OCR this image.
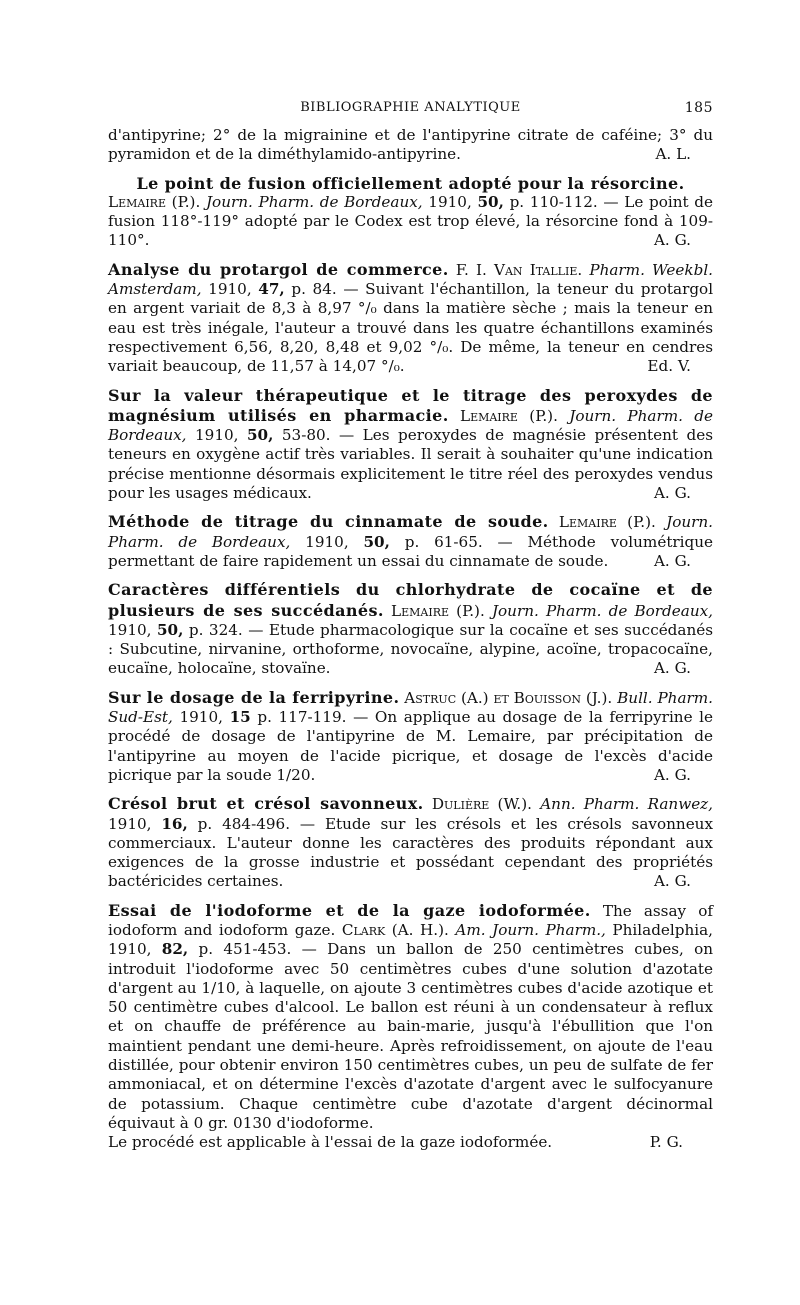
BIBLIOGRAPHIE ANALYTIQUE	185

d'antipyrine; 2° de la migrainine et de l'antipyrine citrate de caféine; 3° du pyramidon et de la diméthylamido-antipyrine.	A. L.

Le point de fusion officiellement adopté pour la résorcine.
Lemaire (P.). Journ. Pharm. de Bordeaux, 1910, 50, p. 110-112. — Le point de fusion 118°-119° adopté par le Codex est trop élevé, la résorcine fond à 109-110°.	A. G.

Analyse du protargol de commerce. F. I. Van Itallie. Pharm. Weekbl. Amsterdam, 1910, 47, p. 84. — Suivant l'échantillon, la teneur du protargol en argent variait de 8,3 à 8,97 °/₀ dans la matière sèche ; mais la teneur en eau est très inégale, l'auteur a trouvé dans les quatre échantillons examinés respectivement 6,56, 8,20, 8,48 et 9,02 °/₀. De même, la teneur en cendres variait beaucoup, de 11,57 à 14,07 °/₀.	Ed. V.

Sur la valeur thérapeutique et le titrage des peroxydes de magnésium utilisés en pharmacie. Lemaire (P.). Journ. Pharm. de Bordeaux, 1910, 50, 53-80. — Les peroxydes de magnésie présentent des teneurs en oxygène actif très variables. Il serait à souhaiter qu'une indication précise mentionne désormais explicitement le titre réel des peroxydes vendus pour les usages médicaux.	A. G.

Méthode de titrage du cinnamate de soude. Lemaire (P.). Journ. Pharm. de Bordeaux, 1910, 50, p. 61-65. — Méthode volumétrique permettant de faire rapidement un essai du cinnamate de soude.	A. G.

Caractères différentiels du chlorhydrate de cocaïne et de plusieurs de ses succédanés. Lemaire (P.). Journ. Pharm. de Bordeaux, 1910, 50, p. 324. — Etude pharmacologique sur la cocaïne et ses succédanés : Subcutine, nirvanine, orthoforme, novocaïne, alypine, acoïne, tropacocaïne, eucaïne, holocaïne, stovaïne.	A. G.

Sur le dosage de la ferripyrine. Astruc (A.) et Bouisson (J.). Bull. Pharm. Sud-Est, 1910, 15 p. 117-119. — On applique au dosage de la ferripyrine le procédé de dosage de l'antipyrine de M. Lemaire, par précipitation de l'antipyrine au moyen de l'acide picrique, et dosage de l'excès d'acide picrique par la soude 1/20.	A. G.

Crésol brut et crésol savonneux. Dulière (W.). Ann. Pharm. Ranwez, 1910, 16, p. 484-496. — Etude sur les crésols et les crésols savonneux commerciaux. L'auteur donne les caractères des produits répondant aux exigences de la grosse industrie et possédant cependant des propriétés bactéricides certaines.	A. G.

Essai de l'iodoforme et de la gaze iodoformée. The assay of iodoform and iodoform gaze. Clark (A. H.). Am. Journ. Pharm., Philadelphia, 1910, 82, p. 451-453. — Dans un ballon de 250 centimètres cubes, on introduit l'iodoforme avec 50 centimètres cubes d'une solution d'azotate d'argent au 1/10, à laquelle, on ajoute 3 centimètres cubes d'acide azotique et 50 centimètre cubes d'alcool. Le ballon est réuni à un condensateur à reflux et on chauffe de préférence au bain-marie, jusqu'à l'ébullition que l'on maintient pendant une demi-heure. Après refroidissement, on ajoute de l'eau distillée, pour obtenir environ 150 centimètres cubes, un peu de sulfate de fer ammoniacal, et on détermine l'excès d'azotate d'argent avec le sulfocyanure de potassium. Chaque centimètre cube d'azotate d'argent décinormal équivaut à 0 gr. 0130 d'iodoforme.

Le procédé est applicable à l'essai de la gaze iodoformée.	P. G.
